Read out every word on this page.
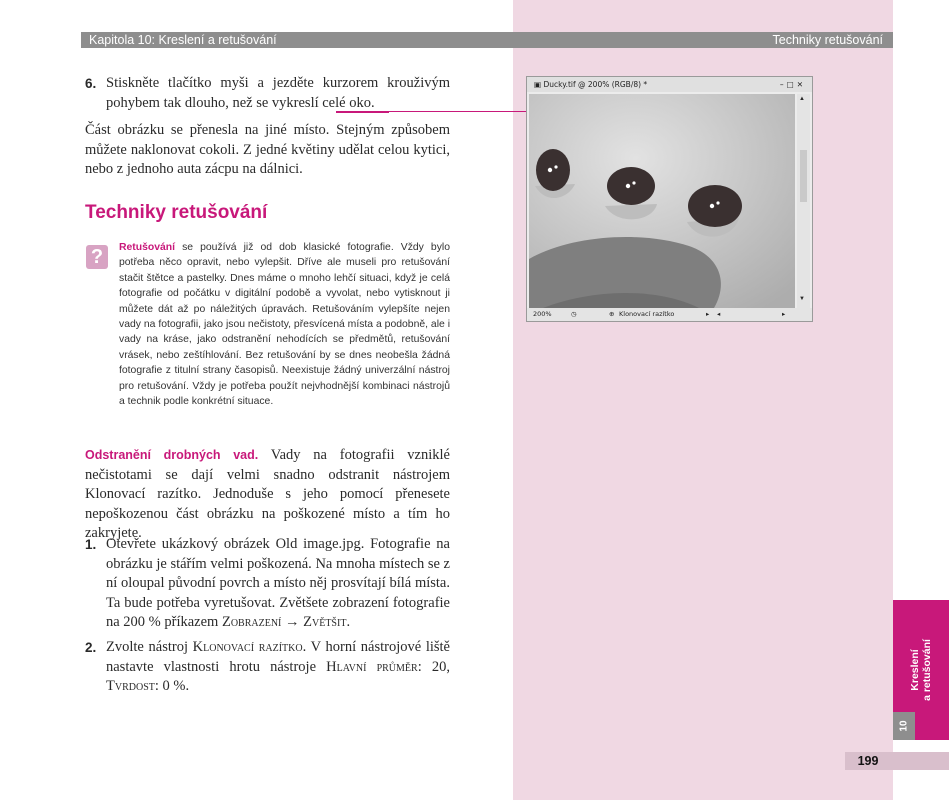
Kapitola 10: Kreslení a retušování	Techniky retušování
6. Stiskněte tlačítko myši a jezděte kurzorem krouživým pohybem tak dlouho, než se vykreslí celé oko.
Část obrázku se přenesla na jiné místo. Stejným způsobem můžete naklonovat cokoli. Z jedné květiny udělat celou kytici, nebo z jednoho auta zácpu na dálnici.
Techniky retušování
?	Retušování se používá již od dob klasické fotografie. Vždy bylo potřeba něco opravit, nebo vylepšit. Dříve ale museli pro retušování stačit štětce a pastelky. Dnes máme o mnoho lehčí situaci, když je celá fotografie od počátku v digitální podobě a vyvolat, nebo vytisknout ji můžete dát až po náležitých úpravách. Retušováním vylepšíte nejen vady na fotografii, jako jsou nečistoty, přesvícená místa a podobně, ale i vady na kráse, jako odstranění nehodících se předmětů, retušování vrásek, nebo zeštíhlování. Bez retušování by se dnes neobešla žádná fotografie z titulní strany časopisů. Neexistuje žádný univerzální nástroj pro retušování. Vždy je potřeba použít nejvhodnější kombinaci nástrojů a technik podle konkrétní situace.
Odstranění drobných vad. Vady na fotografii vzniklé nečistotami se dají velmi snadno odstranit nástrojem Klonovací razítko. Jednoduše s jeho pomocí přenesete nepoškozenou část obrázku na poškozené místo a tím ho zakryjete.
1. Otevřete ukázkový obrázek Old image.jpg. Fotografie na obrázku je stářím velmi poškozená. Na mnoha místech se z ní oloupal původní povrch a místo něj prosvítají bílá místa. Ta bude potřeba vyretušovat. Zvětšete zobrazení fotografie na 200 % příkazem Zobrazení → Zvětšit.
2. Zvolte nástroj Klonovací razítko. V horní nástrojové liště nastavte vlastnosti hrotu nástroje Hlavní průměr: 20, Tvrdost: 0 %.
▣ Ducky.tif @ 200% (RGB/8) *	–□✕
▲
▼
200%	◷	⊕ Klonovací razítko	▸ ◂	▸
Kreslení a retušování
10
199
